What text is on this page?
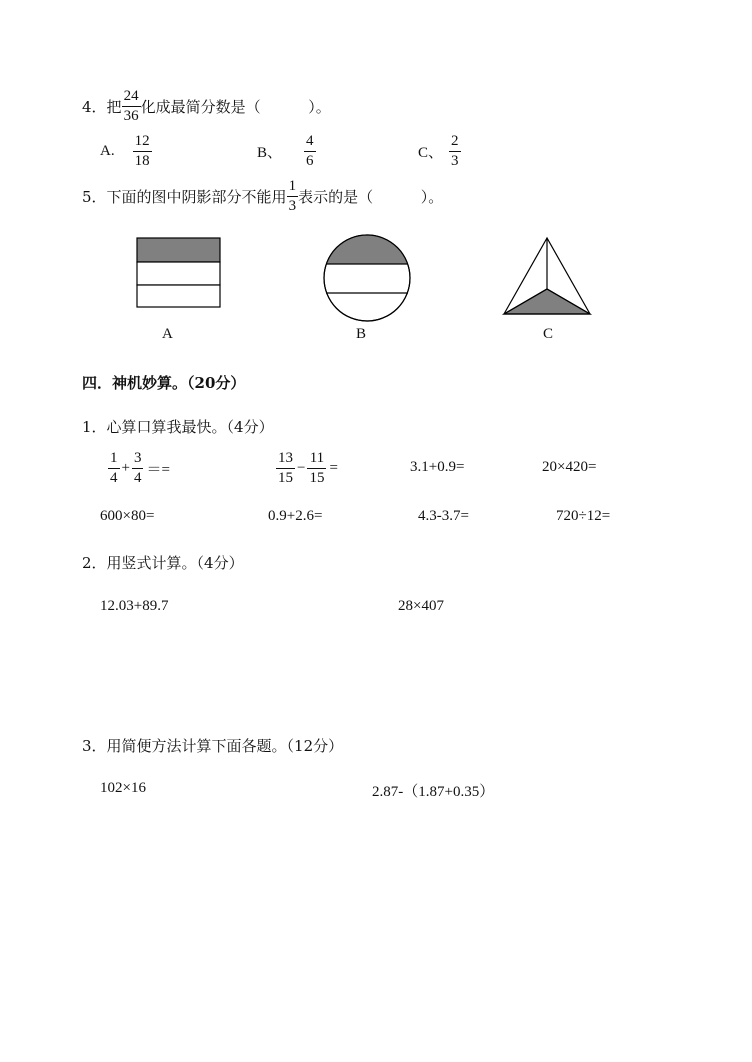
4． 把 $\frac{24}{36}$ 化成最简分数是（          ）。
A. $\frac{12}{18}$	B、 $\frac{4}{6}$	C、 $\frac{2}{3}$
5． 下面的图中阴影部分不能用 $\frac{1}{3}$ 表示的是（          ）。
A	B	C
四．神机妙算。（20分）
1．心算口算我最快。（4分）
$\frac{1}{4} + \frac{3}{4}$ ＝=	$\frac{13}{15} - \frac{11}{15}$ =	3.1+0.9=	20×420=
600×80=	0.9+2.6=	4.3-3.7=	720÷12=
2．用竖式计算。（4分）
12.03+89.7	28×407
3．用简便方法计算下面各题。（12分）
102×16	2.87-（1.87+0.35）
